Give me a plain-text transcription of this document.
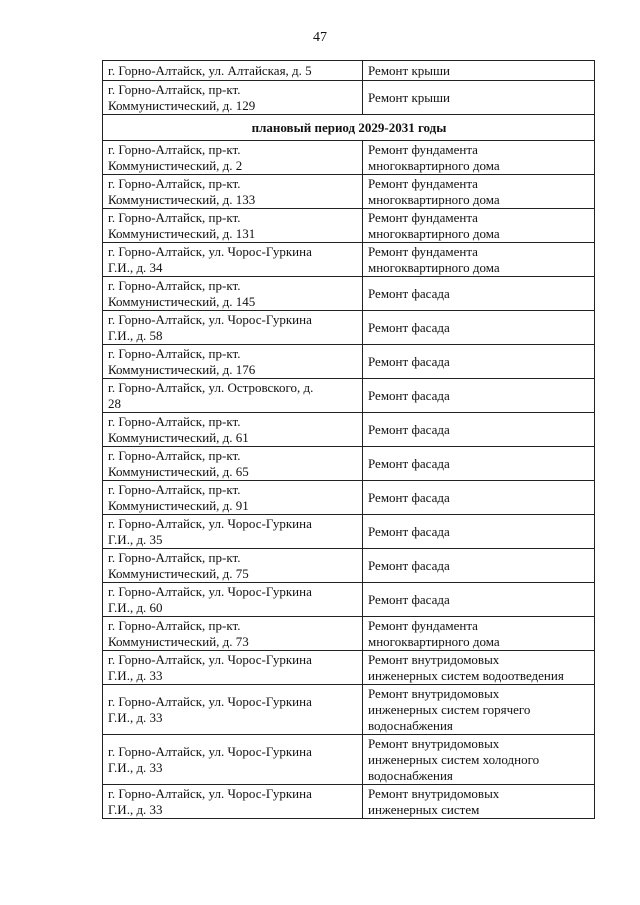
47
г. Горно-Алтайск, ул. Алтайская, д. 5	Ремонт крыши

г. Горно-Алтайск, пр-кт.
Коммунистический, д. 129	Ремонт крыши

плановый период 2029-2031 годы	

г. Горно-Алтайск, пр-кт.
Коммунистический, д. 2	Ремонт фундамента
многоквартирного дома

г. Горно-Алтайск, пр-кт.
Коммунистический, д. 133	Ремонт фундамента
многоквартирного дома

г. Горно-Алтайск, пр-кт.
Коммунистический, д. 131	Ремонт фундамента
многоквартирного дома

г. Горно-Алтайск, ул. Чорос-Гуркина
Г.И., д. 34	Ремонт фундамента
многоквартирного дома

г. Горно-Алтайск, пр-кт.
Коммунистический, д. 145	Ремонт фасада

г. Горно-Алтайск, ул. Чорос-Гуркина
Г.И., д. 58	Ремонт фасада

г. Горно-Алтайск, пр-кт.
Коммунистический, д. 176	Ремонт фасада

г. Горно-Алтайск, ул. Островского, д.
28	Ремонт фасада

г. Горно-Алтайск, пр-кт.
Коммунистический, д. 61	Ремонт фасада

г. Горно-Алтайск, пр-кт.
Коммунистический, д. 65	Ремонт фасада

г. Горно-Алтайск, пр-кт.
Коммунистический, д. 91	Ремонт фасада

г. Горно-Алтайск, ул. Чорос-Гуркина
Г.И., д. 35	Ремонт фасада

г. Горно-Алтайск, пр-кт.
Коммунистический, д. 75	Ремонт фасада

г. Горно-Алтайск, ул. Чорос-Гуркина
Г.И., д. 60	Ремонт фасада

г. Горно-Алтайск, пр-кт.
Коммунистический, д. 73	Ремонт фундамента
многоквартирного дома

г. Горно-Алтайск, ул. Чорос-Гуркина
Г.И., д. 33	Ремонт внутридомовых
инженерных систем водоотведения

г. Горно-Алтайск, ул. Чорос-Гуркина
Г.И., д. 33	Ремонт внутридомовых
инженерных систем горячего
водоснабжения

г. Горно-Алтайск, ул. Чорос-Гуркина
Г.И., д. 33	Ремонт внутридомовых
инженерных систем холодного
водоснабжения

г. Горно-Алтайск, ул. Чорос-Гуркина
Г.И., д. 33	Ремонт внутридомовых
инженерных систем
